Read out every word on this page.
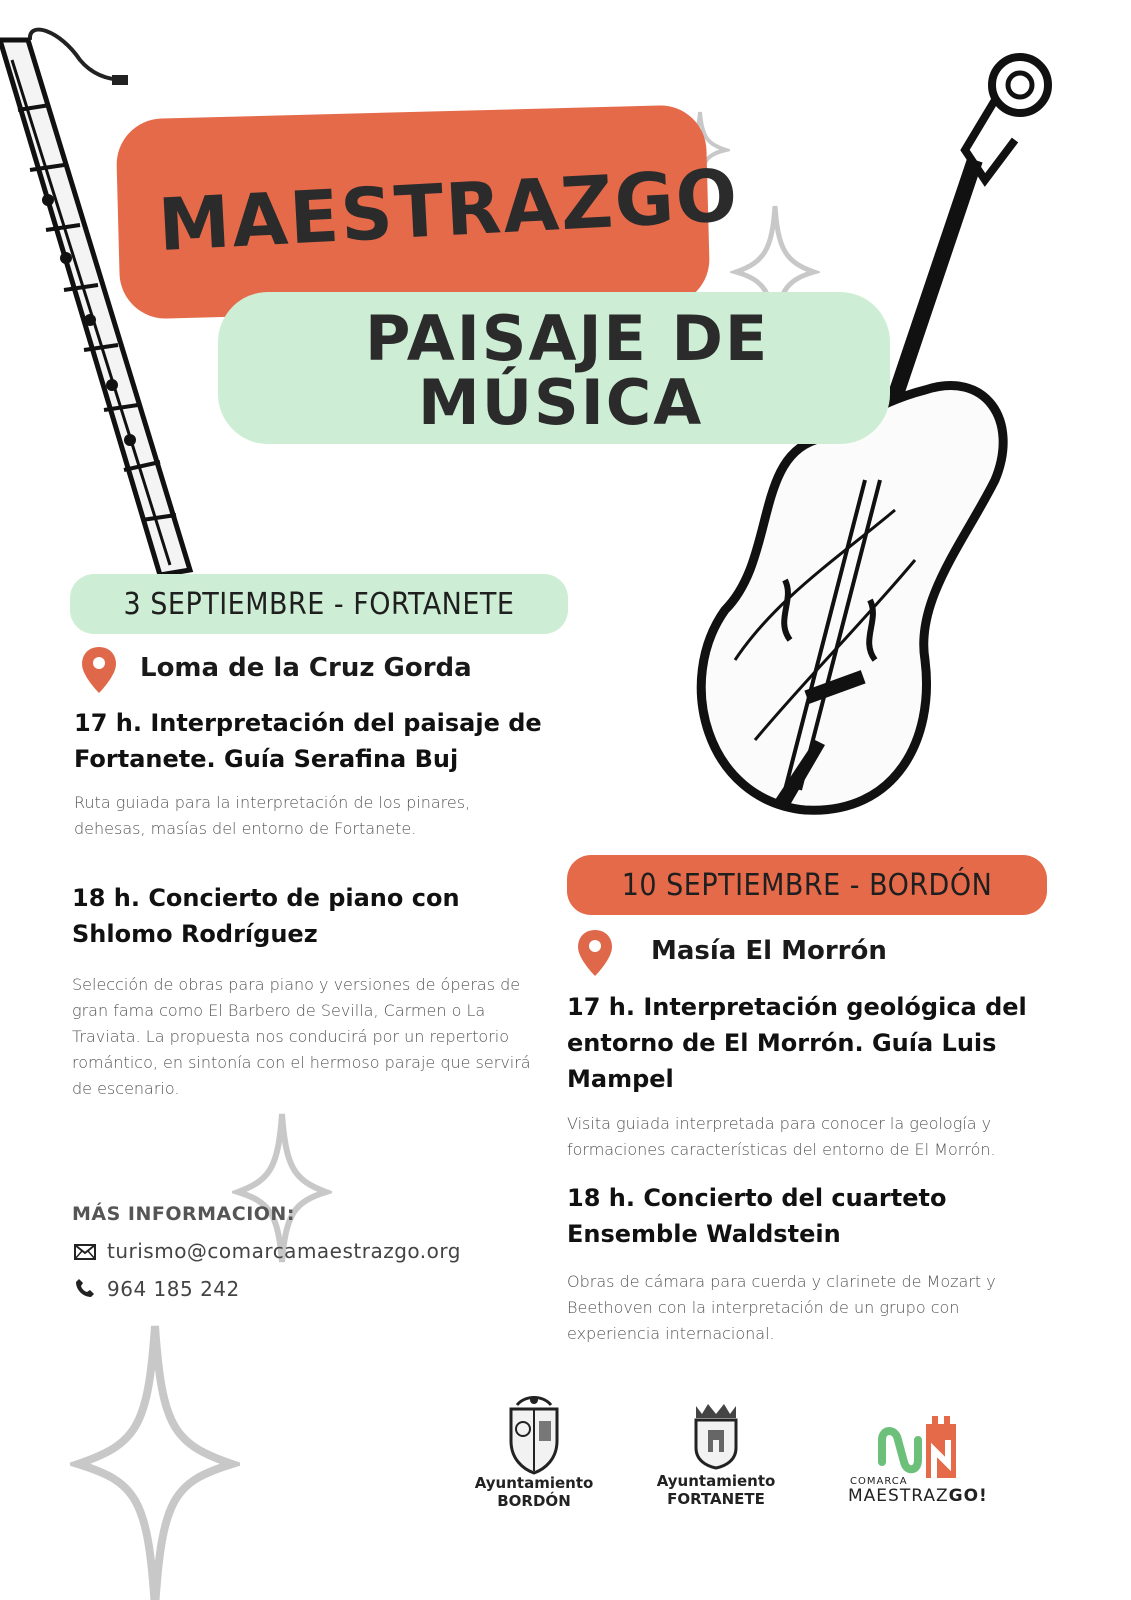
MAESTRAZGO
PAISAJE DE
MÚSICA
3 SEPTIEMBRE - FORTANETE
Loma de la Cruz Gorda
17 h. Interpretación del paisaje de Fortanete. Guía Serafina Buj
Ruta guiada para la interpretación de los pinares, dehesas, masías del entorno de Fortanete.
18 h. Concierto de piano con Shlomo Rodríguez
Selección de obras para piano y versiones de óperas de gran fama como El Barbero de Sevilla, Carmen o La Traviata. La propuesta nos conducirá por un repertorio romántico, en sintonía con el hermoso paraje que servirá de escenario.
10 SEPTIEMBRE - BORDÓN
Masía El Morrón
17 h. Interpretación geológica del entorno de El Morrón. Guía Luis Mampel
Visita guiada interpretada para conocer la geología y formaciones características del entorno de El Morrón.
18 h. Concierto del cuarteto Ensemble Waldstein
Obras de cámara para cuerda y clarinete de Mozart y Beethoven con la interpretación de un grupo con experiencia internacional.
MÁS INFORMACION:
turismo@comarcamaestrazgo.org
964 185 242
Ayuntamiento
BORDÓN
Ayuntamiento
FORTANETE
COMARCA
MAESTRAZGO!
